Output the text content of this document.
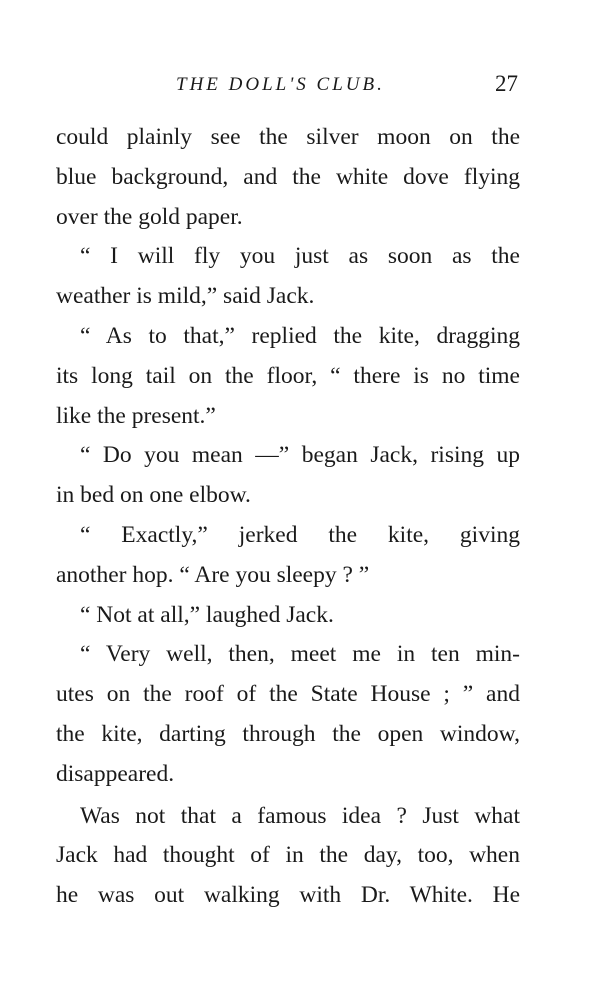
THE DOLL'S CLUB.	27
could plainly see the silver moon on the
blue background, and the white dove flying
over the gold paper.
“ I will fly you just as soon as the
weather is mild,” said Jack.
“ As to that,” replied the kite, dragging
its long tail on the floor, “ there is no time
like the present.”
“ Do you mean —” began Jack, rising up
in bed on one elbow.
“ Exactly,” jerked the kite, giving
another hop. “ Are you sleepy ? ”
“ Not at all,” laughed Jack.
“ Very well, then, meet me in ten min-
utes on the roof of the State House ; ” and
the kite, darting through the open window,
disappeared.
Was not that a famous idea ? Just what
Jack had thought of in the day, too, when
he was out walking with Dr. White. He
